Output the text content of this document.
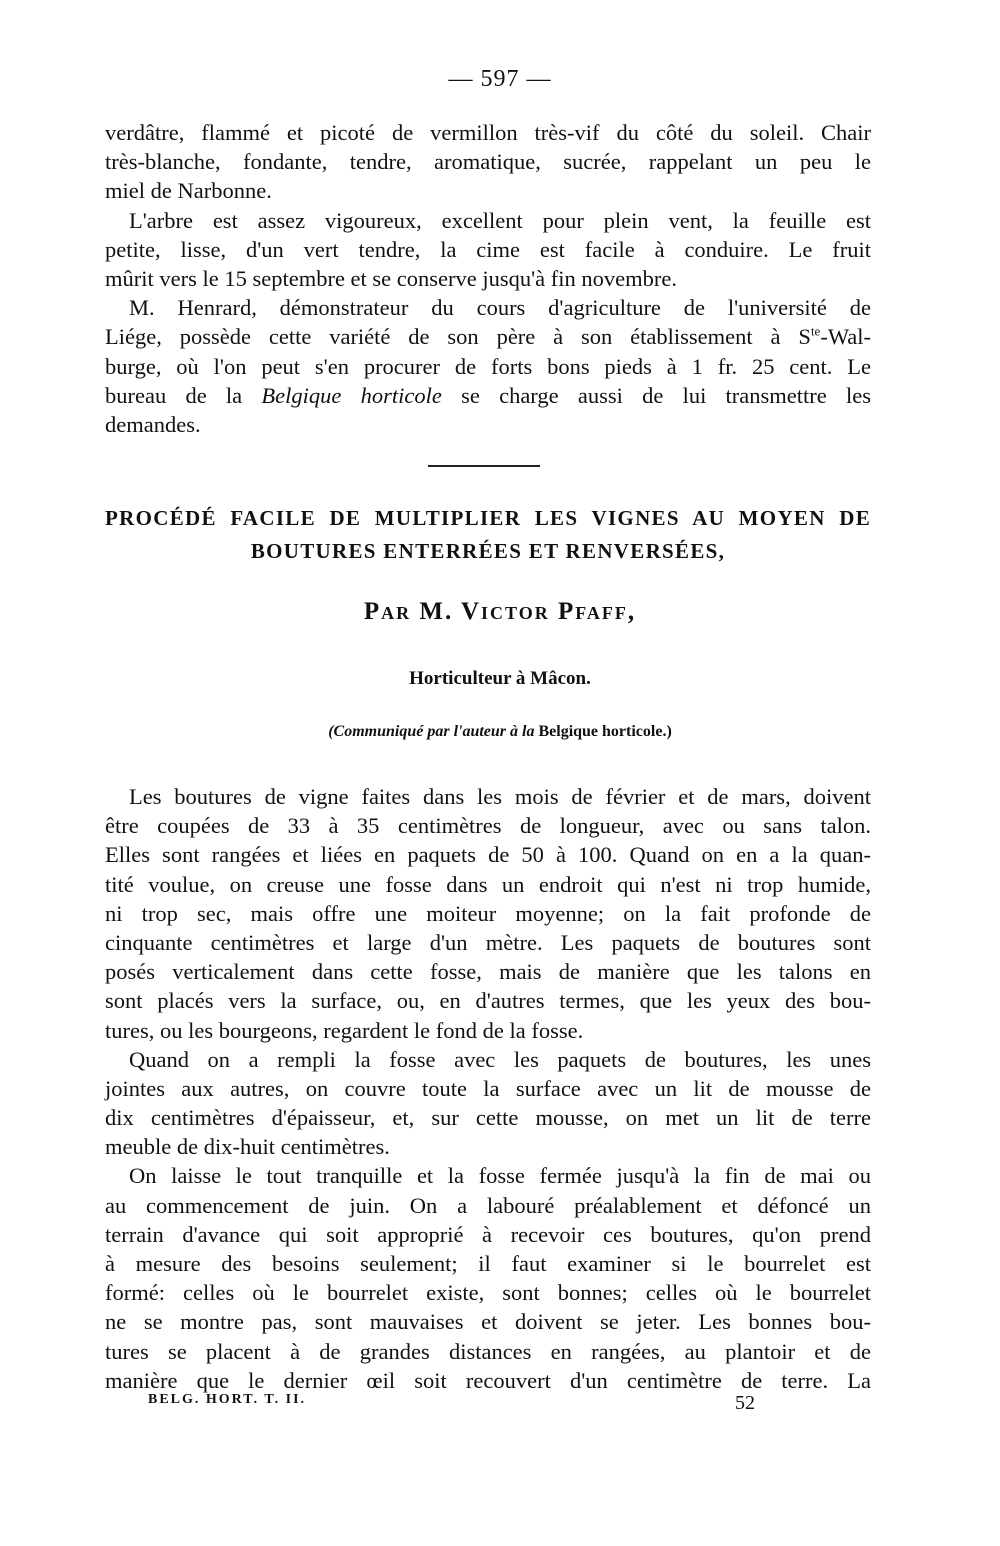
— 597 —
verdâtre, flammé et picoté de vermillon très-vif du côté du soleil. Chair
très-blanche, fondante, tendre, aromatique, sucrée, rappelant un peu le
miel de Narbonne.
L'arbre est assez vigoureux, excellent pour plein vent, la feuille est
petite, lisse, d'un vert tendre, la cime est facile à conduire. Le fruit
mûrit vers le 15 septembre et se conserve jusqu'à fin novembre.
M. Henrard, démonstrateur du cours d'agriculture de l'université de
Liége, possède cette variété de son père à son établissement à $S^{te}-Wal-$
burge, où l'on peut s'en procurer de forts bons pieds à 1 fr. 25 cent. Le
bureau de la Belgique horticole se charge aussi de lui transmettre les
demandes.
PROCÉDÉ FACILE DE MULTIPLIER LES VIGNES AU MOYEN DE
BOUTURES ENTERRÉES ET RENVERSÉES,
Par M. Victor Pfaff,
Horticulteur à Mâcon.
(Communiqué par l'auteur à la Belgique horticole.)
Les boutures de vigne faites dans les mois de février et de mars, doivent
être coupées de 33 à 35 centimètres de longueur, avec ou sans talon.
Elles sont rangées et liées en paquets de 50 à 100. Quand on en a la quan-
tité voulue, on creuse une fosse dans un endroit qui n'est ni trop humide,
ni trop sec, mais offre une moiteur moyenne; on la fait profonde de
cinquante centimètres et large d'un mètre. Les paquets de boutures sont
posés verticalement dans cette fosse, mais de manière que les talons en
sont placés vers la surface, ou, en d'autres termes, que les yeux des bou-
tures, ou les bourgeons, regardent le fond de la fosse.
Quand on a rempli la fosse avec les paquets de boutures, les unes
jointes aux autres, on couvre toute la surface avec un lit de mousse de
dix centimètres d'épaisseur, et, sur cette mousse, on met un lit de terre
meuble de dix-huit centimètres.
On laisse le tout tranquille et la fosse fermée jusqu'à la fin de mai ou
au commencement de juin. On a labouré préalablement et défoncé un
terrain d'avance qui soit approprié à recevoir ces boutures, qu'on prend
à mesure des besoins seulement; il faut examiner si le bourrelet est
formé: celles où le bourrelet existe, sont bonnes; celles où le bourrelet
ne se montre pas, sont mauvaises et doivent se jeter. Les bonnes bou-
tures se placent à de grandes distances en rangées, au plantoir et de
manière que le dernier œil soit recouvert d'un centimètre de terre. La
BELG. HORT. T. II.	52
